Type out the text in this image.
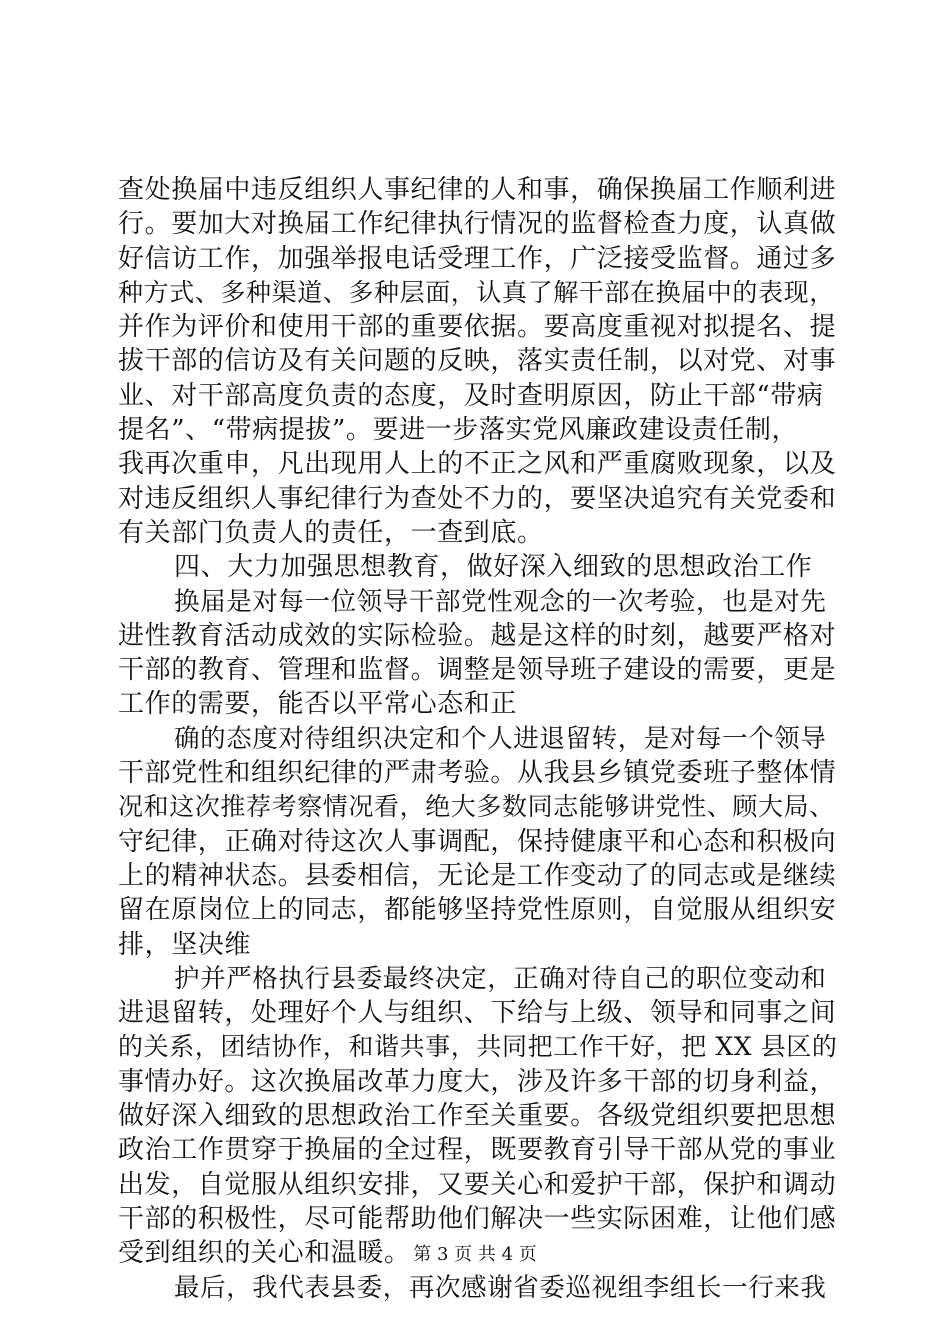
查处换届中违反组织人事纪律的人和事，确保换届工作顺利进
行。要加大对换届工作纪律执行情况的监督检查力度，认真做
好信访工作，加强举报电话受理工作，广泛接受监督。通过多
种方式、多种渠道、多种层面，认真了解干部在换届中的表现，
并作为评价和使用干部的重要依据。要高度重视对拟提名、提
拔干部的信访及有关问题的反映，落实责任制，以对党、对事
业、对干部高度负责的态度，及时查明原因，防止干部“带病
提名”、“带病提拔”。要进一步落实党风廉政建设责任制，
我再次重申，凡出现用人上的不正之风和严重腐败现象，以及
对违反组织人事纪律行为查处不力的，要坚决追究有关党委和
有关部门负责人的责任，一查到底。
四、大力加强思想教育，做好深入细致的思想政治工作
换届是对每一位领导干部党性观念的一次考验，也是对先
进性教育活动成效的实际检验。越是这样的时刻，越要严格对
干部的教育、管理和监督。调整是领导班子建设的需要，更是
工作的需要，能否以平常心态和正
确的态度对待组织决定和个人进退留转，是对每一个领导
干部党性和组织纪律的严肃考验。从我县乡镇党委班子整体情
况和这次推荐考察情况看，绝大多数同志能够讲党性、顾大局、
守纪律，正确对待这次人事调配，保持健康平和心态和积极向
上的精神状态。县委相信，无论是工作变动了的同志或是继续
留在原岗位上的同志，都能够坚持党性原则，自觉服从组织安
排，坚决维
护并严格执行县委最终决定，正确对待自己的职位变动和
进退留转，处理好个人与组织、下给与上级、领导和同事之间
的关系，团结协作，和谐共事，共同把工作干好，把 XX 县区的
事情办好。这次换届改革力度大，涉及许多干部的切身利益，
做好深入细致的思想政治工作至关重要。各级党组织要把思想
政治工作贯穿于换届的全过程，既要教育引导干部从党的事业
出发，自觉服从组织安排，又要关心和爱护干部，保护和调动
干部的积极性，尽可能帮助他们解决一些实际困难，让他们感
受到组织的关心和温暖。
最后，我代表县委，再次感谢省委巡视组李组长一行来我
第 3 页 共 4 页
